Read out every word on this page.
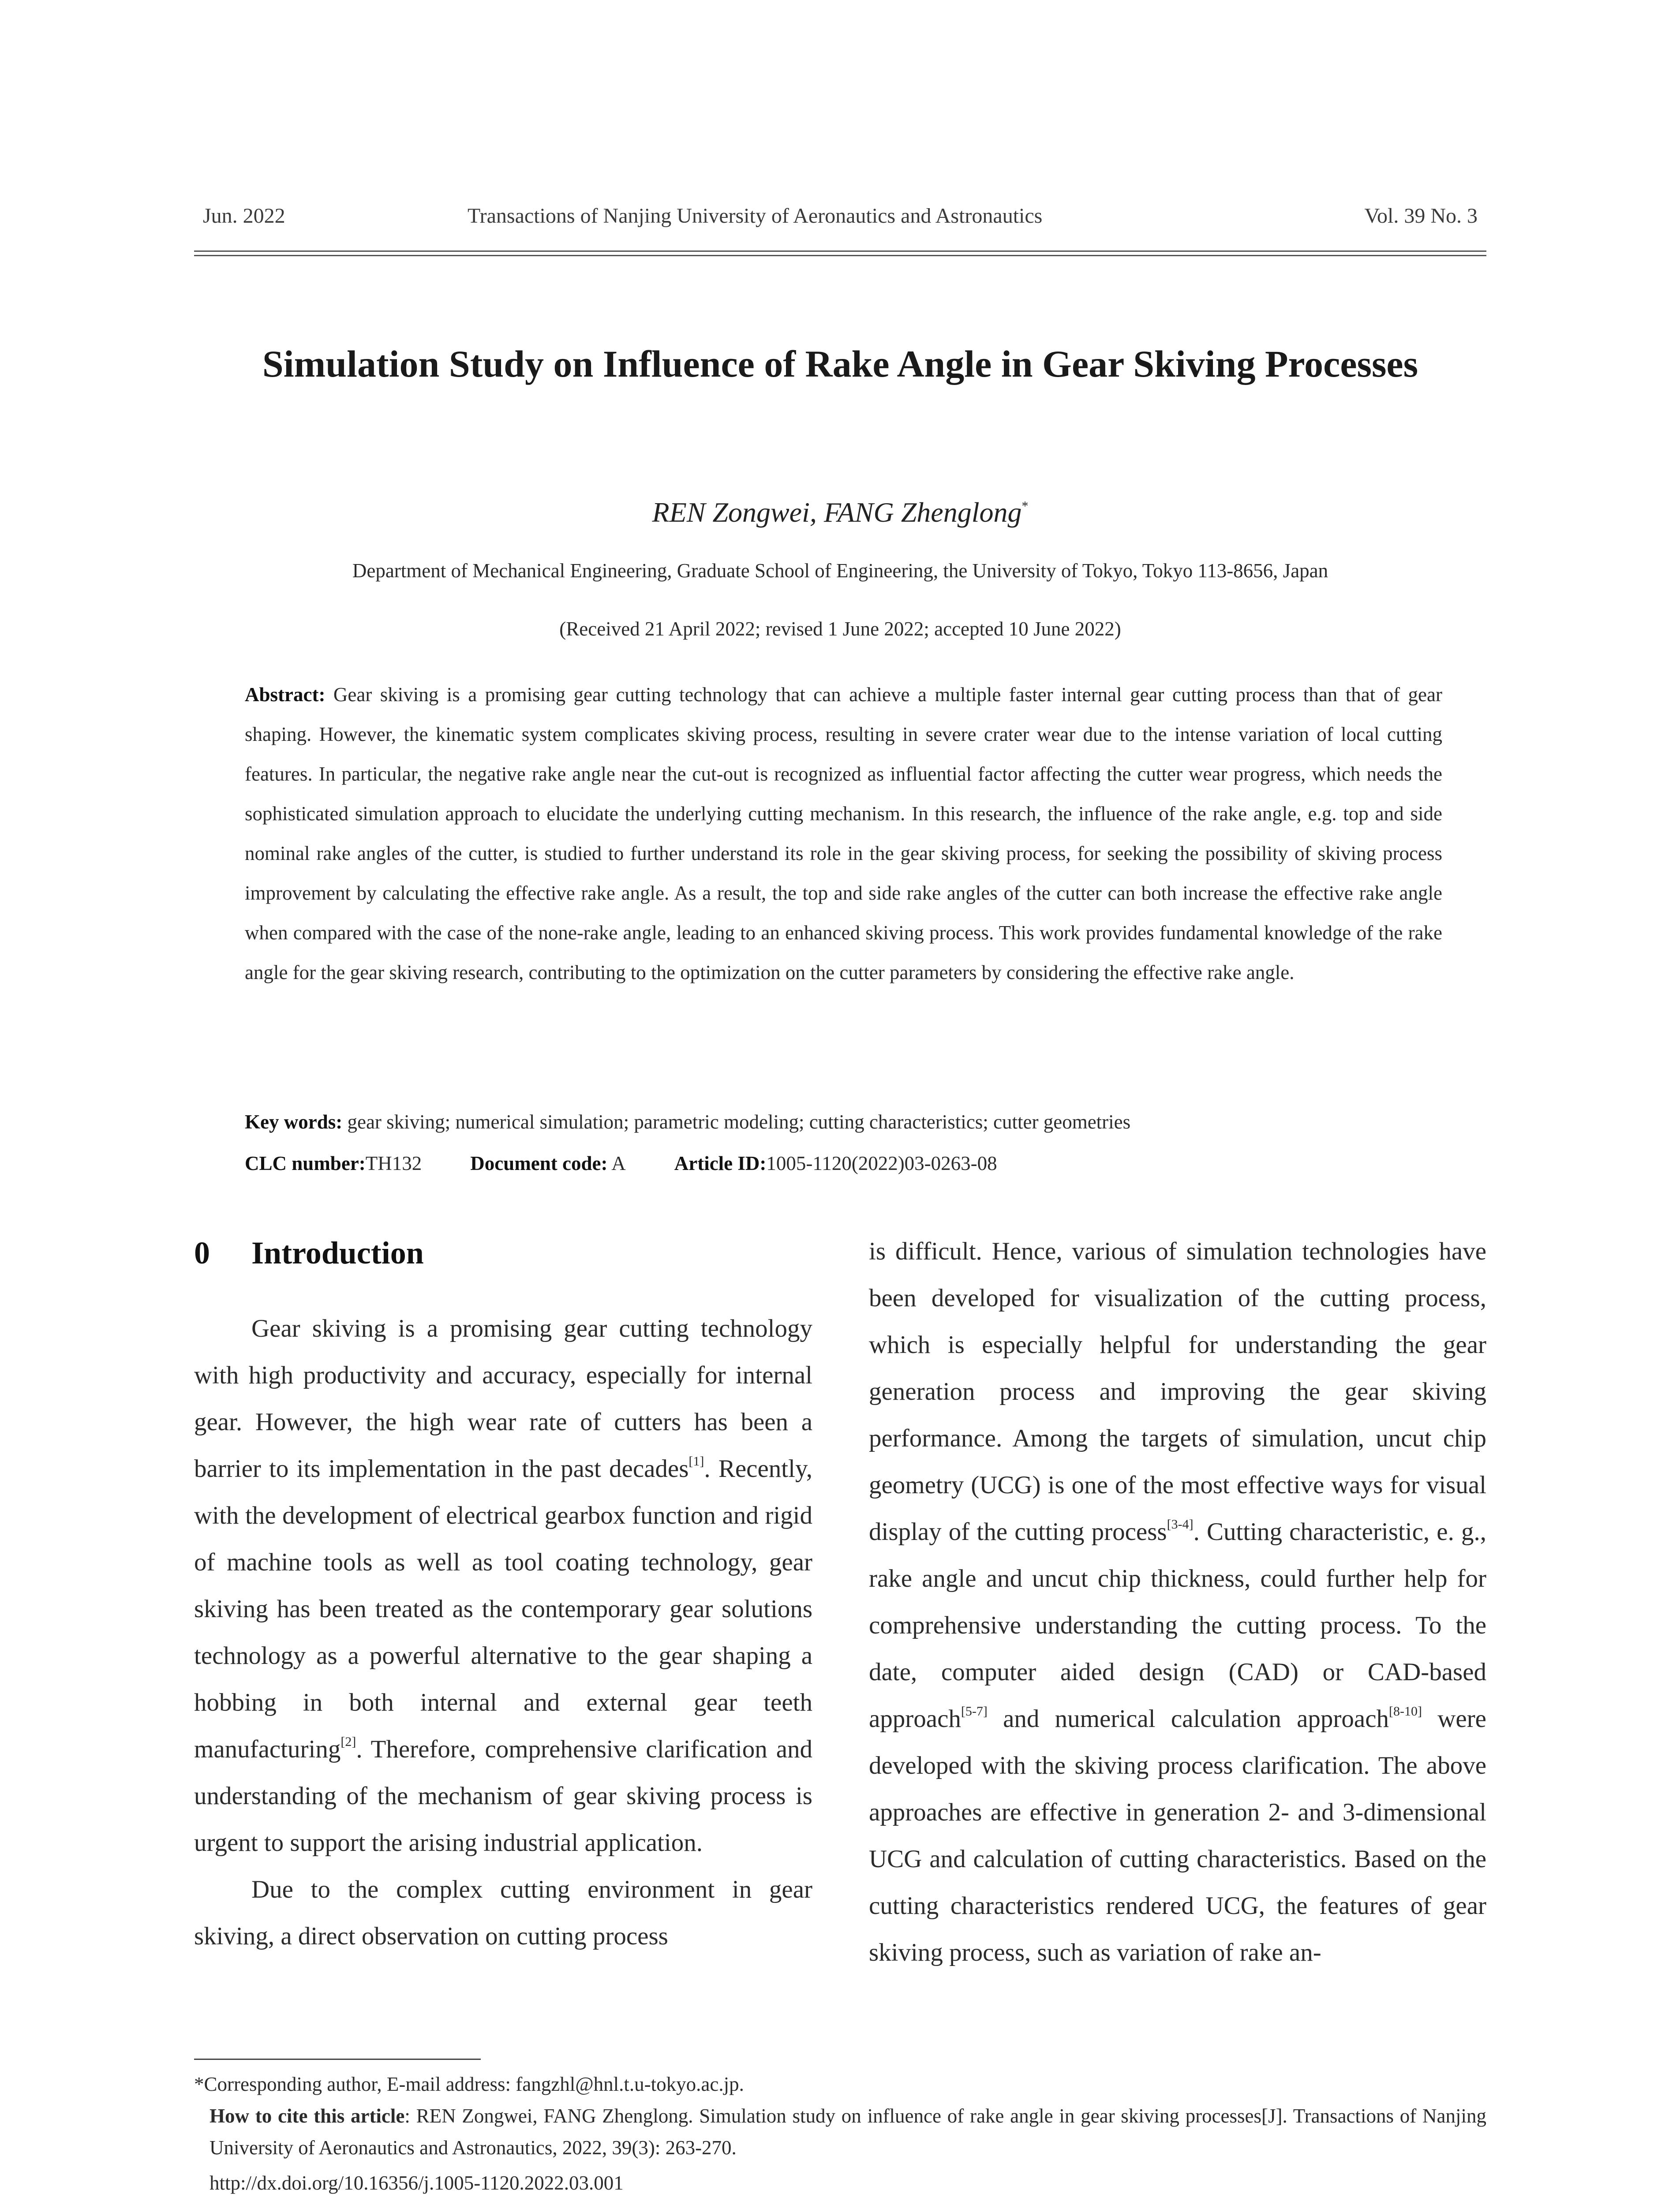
Jun. 2022	Transactions of Nanjing University of Aeronautics and Astronautics	Vol. 39 No. 3
Simulation Study on Influence of Rake Angle in Gear Skiving Processes
REN Zongwei, FANG Zhenglong*
Department of Mechanical Engineering, Graduate School of Engineering, the University of Tokyo, Tokyo 113-8656, Japan
(Received 21 April 2022; revised 1 June 2022; accepted 10 June 2022)

Abstract: Gear skiving is a promising gear cutting technology that can achieve a multiple faster internal gear cutting process than that of gear shaping. However, the kinematic system complicates skiving process, resulting in severe crater wear due to the intense variation of local cutting features. In particular, the negative rake angle near the cut-out is recognized as influential factor affecting the cutter wear progress, which needs the sophisticated simulation approach to elucidate the underlying cutting mechanism. In this research, the influence of the rake angle, e.g. top and side nominal rake angles of the cutter, is studied to further understand its role in the gear skiving process, for seeking the possibility of skiving process improvement by calculating the effective rake angle. As a result, the top and side rake angles of the cutter can both increase the effective rake angle when compared with the case of the none-rake angle, leading to an enhanced skiving process. This work provides fundamental knowledge of the rake angle for the gear skiving research, contributing to the optimization on the cutter parameters by considering the effective rake angle.

Key words: gear skiving; numerical simulation; parametric modeling; cutting characteristics; cutter geometries
CLC number:TH132 Document code: A Article ID:1005-1120(2022)03-0263-08
0 Introduction

Gear skiving is a promising gear cutting technology with high productivity and accuracy, especially for internal gear. However, the high wear rate of cutters has been a barrier to its implementation in the past decades[1]. Recently, with the development of electrical gearbox function and rigid of machine tools as well as tool coating technology, gear skiving has been treated as the contemporary gear solutions technology as a powerful alternative to the gear shaping a hobbing in both internal and external gear teeth manufacturing[2]. Therefore, comprehensive clarification and understanding of the mechanism of gear skiving process is urgent to support the arising industrial application.

Due to the complex cutting environment in gear skiving, a direct observation on cutting process

is difficult. Hence, various of simulation technologies have been developed for visualization of the cutting process, which is especially helpful for understanding the gear generation process and improving the gear skiving performance. Among the targets of simulation, uncut chip geometry (UCG) is one of the most effective ways for visual display of the cutting process[3-4]. Cutting characteristic, e. g., rake angle and uncut chip thickness, could further help for comprehensive understanding the cutting process. To the date, computer aided design (CAD) or CAD-based approach[5-7] and numerical calculation approach[8-10] were developed with the skiving process clarification. The above approaches are effective in generation 2- and 3-dimensional UCG and calculation of cutting characteristics. Based on the cutting characteristics rendered UCG, the features of gear skiving process, such as variation of rake an-

*Corresponding author, E-mail address: fangzhl@hnl.t.u-tokyo.ac.jp.
How to cite this article: REN Zongwei, FANG Zhenglong. Simulation study on influence of rake angle in gear skiving processes[J]. Transactions of Nanjing University of Aeronautics and Astronautics, 2022, 39(3): 263-270.
http://dx.doi.org/10.16356/j.1005-1120.2022.03.001
